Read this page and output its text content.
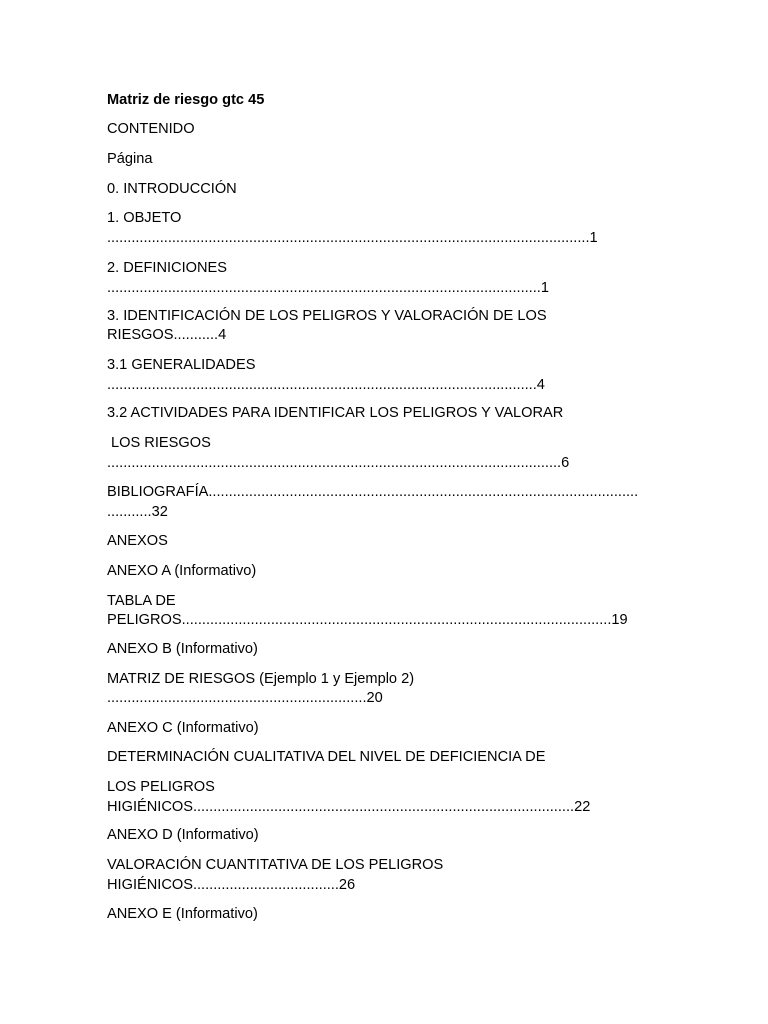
Matriz de riesgo gtc 45
CONTENIDO
Página
0. INTRODUCCIÓN
1. OBJETO
.......................................................................................................................1
2. DEFINICIONES
...........................................................................................................1
3. IDENTIFICACIÓN DE LOS PELIGROS Y VALORACIÓN DE LOS
RIESGOS...........4
3.1 GENERALIDADES
..........................................................................................................4
3.2 ACTIVIDADES PARA IDENTIFICAR LOS PELIGROS Y VALORAR
LOS RIESGOS
................................................................................................................6
BIBLIOGRAFÍA..........................................................................................................
...........32
ANEXOS
ANEXO A (Informativo)
TABLA DE
PELIGROS..........................................................................................................19
ANEXO B (Informativo)
MATRIZ DE RIESGOS (Ejemplo 1 y Ejemplo 2)
................................................................20
ANEXO C (Informativo)
DETERMINACIÓN CUALITATIVA DEL NIVEL DE DEFICIENCIA DE
LOS PELIGROS
HIGIÉNICOS..............................................................................................22
ANEXO D (Informativo)
VALORACIÓN CUANTITATIVA DE LOS PELIGROS
HIGIÉNICOS....................................26
ANEXO E (Informativo)
